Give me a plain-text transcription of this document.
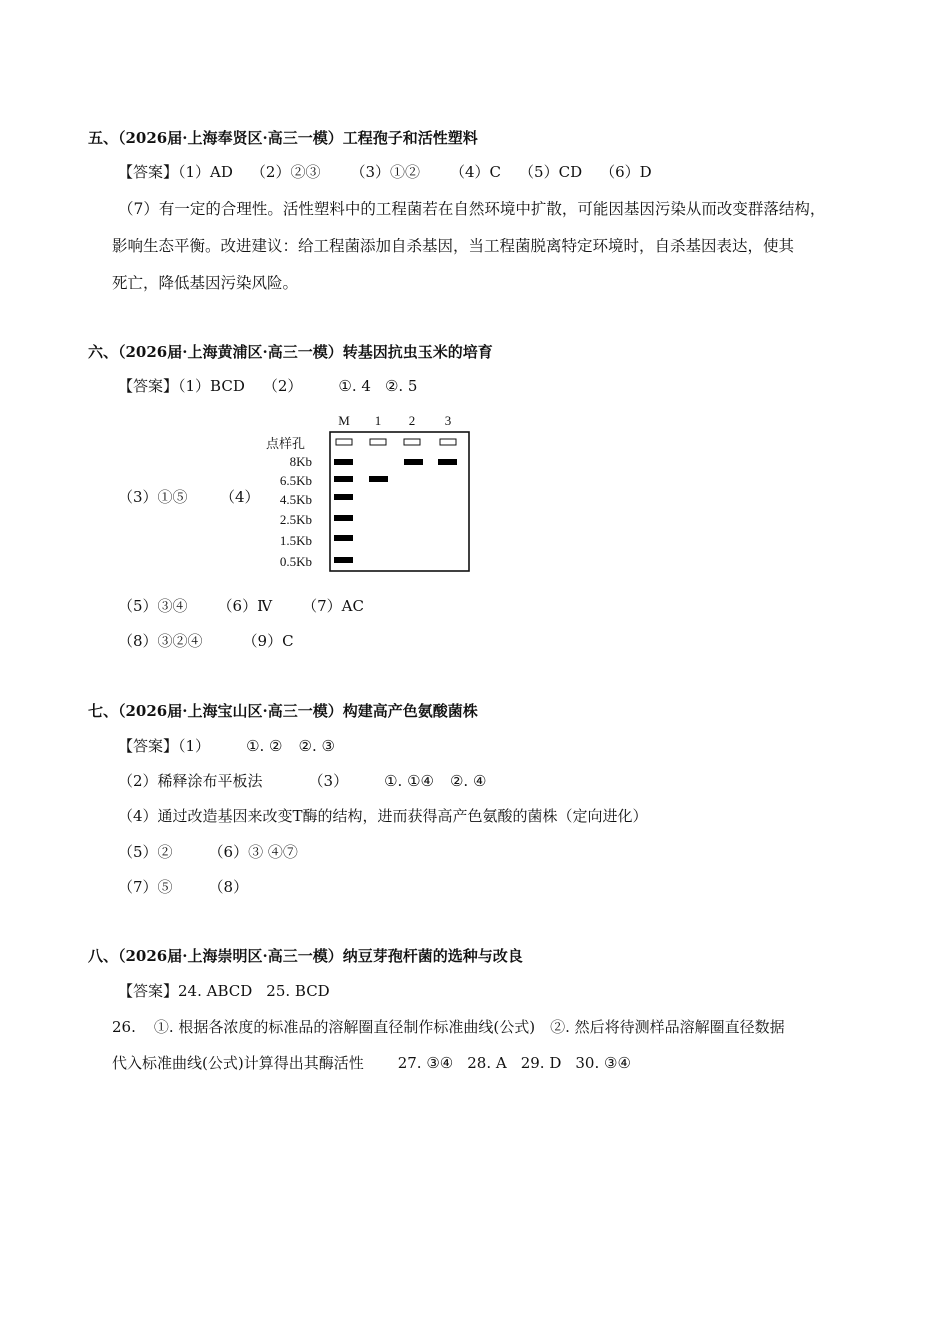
五、（2026届·上海奉贤区·高三一模）工程孢子和活性塑料
【答案】（1）AD （2）②③ （3）①② （4）C （5）CD （6）D
（7）有一定的合理性。活性塑料中的工程菌若在自然环境中扩散，可能因基因污染从而改变群落结构，
影响生态平衡。改进建议：给工程菌添加自杀基因，当工程菌脱离特定环境时，自杀基因表达，使其
死亡，降低基因污染风险。
六、（2026届·上海黄浦区·高三一模）转基因抗虫玉米的培育
【答案】（1）BCD （2） ①. 4 ②. 5
（3）①⑤ （4）
M 1 2 3
点样孔
8Kb
6.5Kb
4.5Kb
2.5Kb
1.5Kb
0.5Kb
（5）③④ （6）Ⅳ （7）AC
（8）③②④	（9）C
七、（2026届·上海宝山区·高三一模）构建高产色氨酸菌株
【答案】（1） ①. ② ②. ③
（2）稀释涂布平板法	（3） ①. ①④ ②. ④
（4）通过改造基因来改变T酶的结构，进而获得高产色氨酸的菌株（定向进化）
（5）② （6）③ ④⑦
（7）⑤ （8）
八、（2026届·上海崇明区·高三一模）纳豆芽孢杆菌的选种与改良
【答案】24. ABCD 25. BCD
26. ①. 根据各浓度的标准品的溶解圈直径制作标准曲线(公式)　②. 然后将待测样品溶解圈直径数据
代入标准曲线(公式)计算得出其酶活性 27. ③④ 28. A 29. D 30. ③④
